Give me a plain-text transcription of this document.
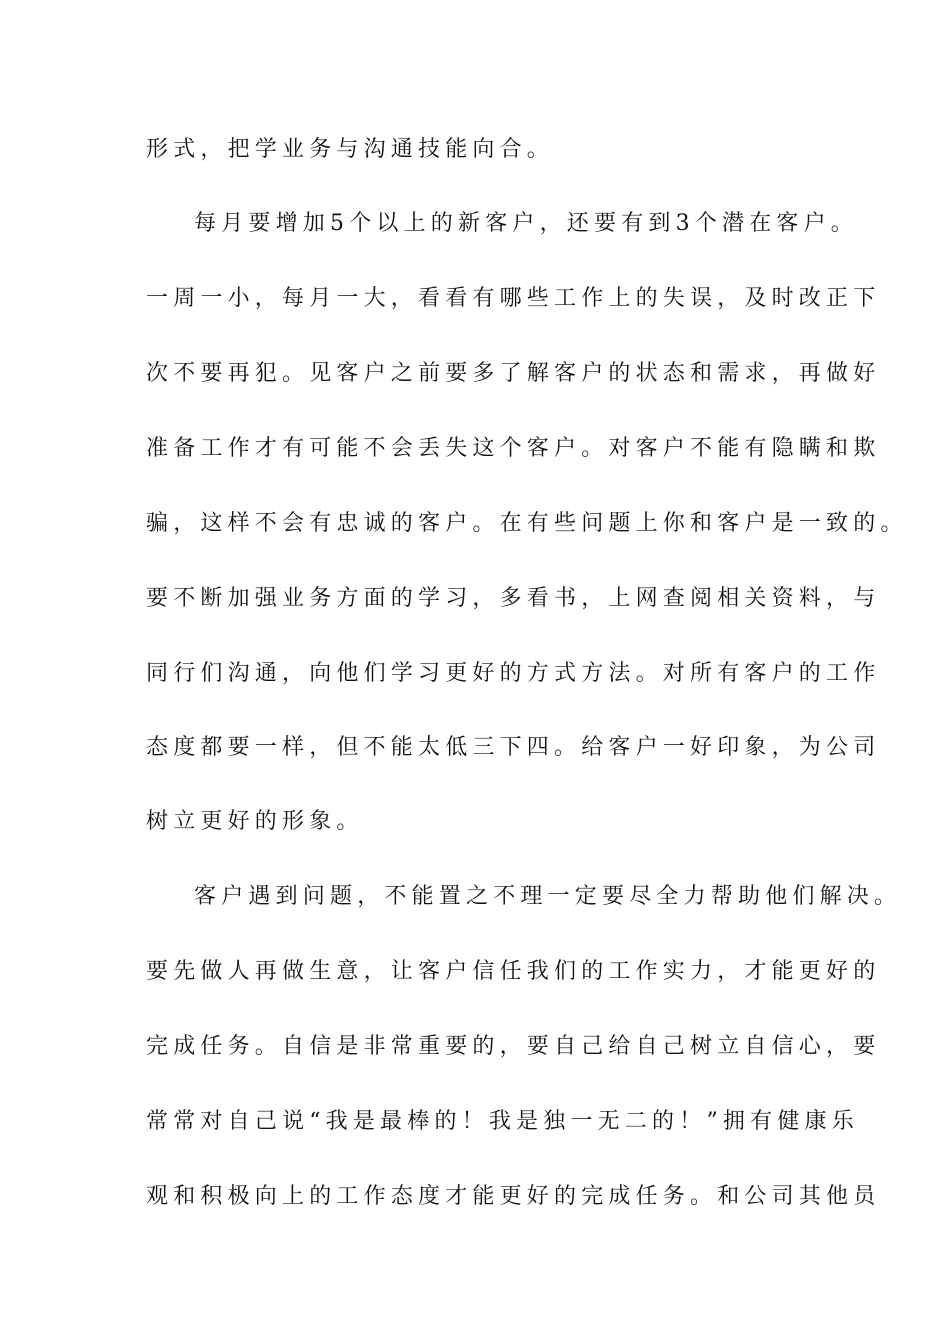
形式，把学业务与沟通技能向合。
每月要增加5个以上的新客户，还要有到3个潜在客户。
一周一小，每月一大，看看有哪些工作上的失误，及时改正下
次不要再犯。见客户之前要多了解客户的状态和需求，再做好
准备工作才有可能不会丢失这个客户。对客户不能有隐瞒和欺
骗，这样不会有忠诚的客户。在有些问题上你和客户是一致的。
要不断加强业务方面的学习，多看书，上网查阅相关资料，与
同行们沟通，向他们学习更好的方式方法。对所有客户的工作
态度都要一样，但不能太低三下四。给客户一好印象，为公司
树立更好的形象。
客户遇到问题，不能置之不理一定要尽全力帮助他们解决。
要先做人再做生意，让客户信任我们的工作实力，才能更好的
完成任务。自信是非常重要的，要自己给自己树立自信心，要
常常对自己说“我是最棒的！我是独一无二的！”拥有健康乐
观和积极向上的工作态度才能更好的完成任务。和公司其他员
